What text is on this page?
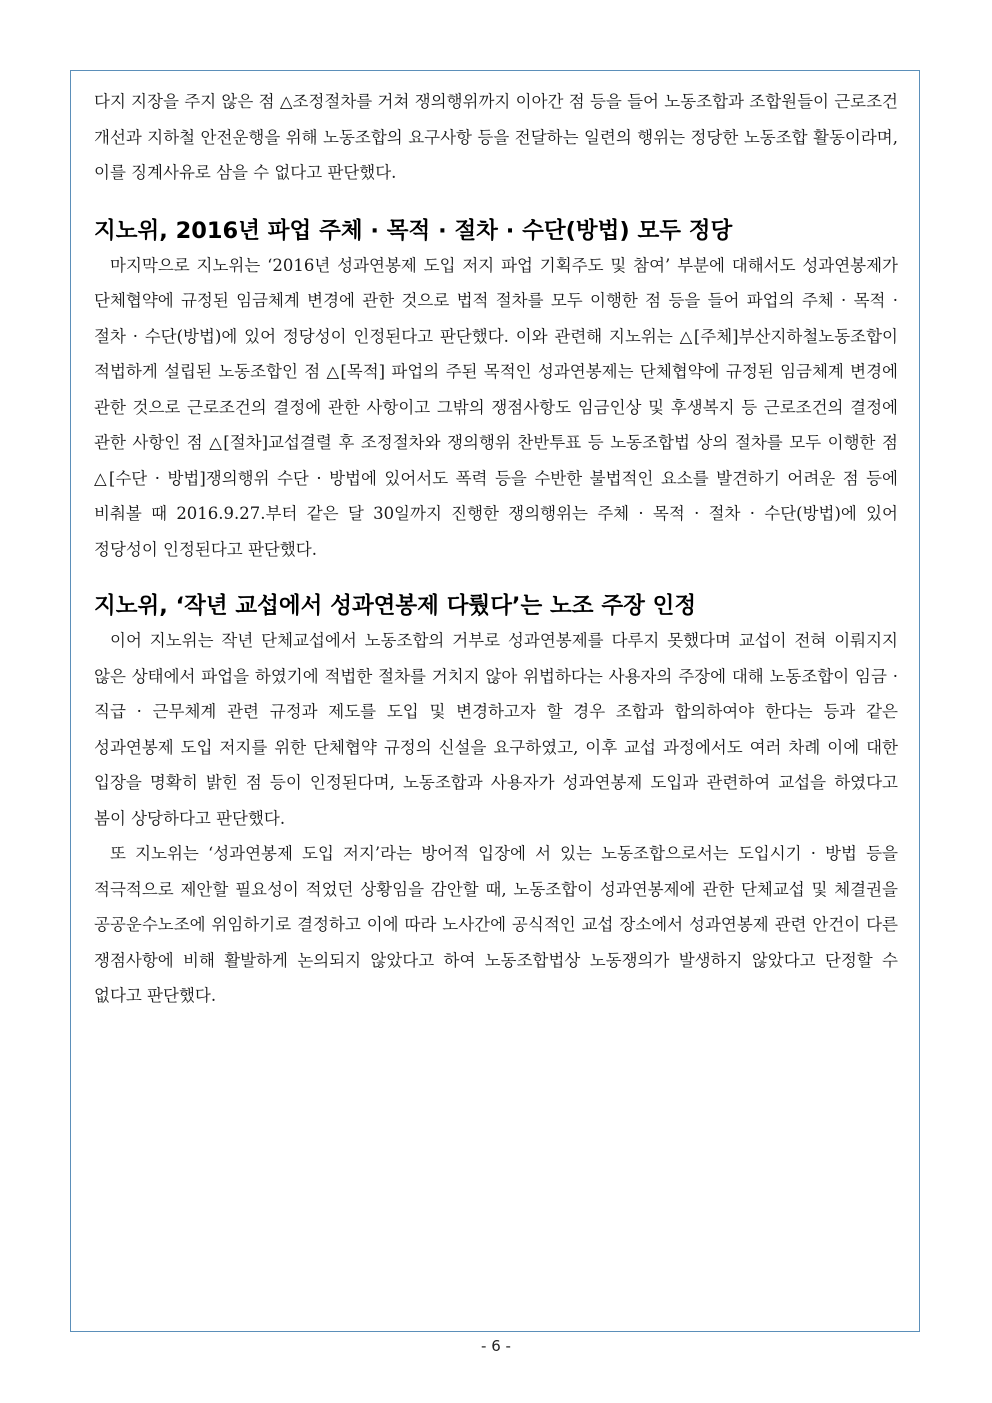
다지 지장을 주지 않은 점 △조정절차를 거쳐 쟁의행위까지 이아간 점 등을 들어 노동조합과 조합원들이 근로조건 개선과 지하철 안전운행을 위해 노동조합의 요구사항 등을 전달하는 일련의 행위는 정당한 노동조합 활동이라며, 이를 징계사유로 삼을 수 없다고 판단했다.

지노위, 2016년 파업 주체 · 목적 · 절차 · 수단(방법) 모두 정당

마지막으로 지노위는 ‘2016년 성과연봉제 도입 저지 파업 기획주도 및 참여’ 부분에 대해서도 성과연봉제가 단체협약에 규정된 임금체계 변경에 관한 것으로 법적 절차를 모두 이행한 점 등을 들어 파업의 주체 · 목적 · 절차 · 수단(방법)에 있어 정당성이 인정된다고 판단했다. 이와 관련해 지노위는 △[주체]부산지하철노동조합이 적법하게 설립된 노동조합인 점 △[목적] 파업의 주된 목적인 성과연봉제는 단체협약에 규정된 임금체계 변경에 관한 것으로 근로조건의 결정에 관한 사항이고 그밖의 쟁점사항도 임금인상 및 후생복지 등 근로조건의 결정에 관한 사항인 점 △[절차]교섭결렬 후 조정절차와 쟁의행위 찬반투표 등 노동조합법 상의 절차를 모두 이행한 점 △[수단 · 방법]쟁의행위 수단 · 방법에 있어서도 폭력 등을 수반한 불법적인 요소를 발견하기 어려운 점 등에 비춰볼 때 2016.9.27.부터 같은 달 30일까지 진행한 쟁의행위는 주체 · 목적 · 절차 · 수단(방법)에 있어 정당성이 인정된다고 판단했다.

지노위, ‘작년 교섭에서 성과연봉제 다뤘다’는 노조 주장 인정

이어 지노위는 작년 단체교섭에서 노동조합의 거부로 성과연봉제를 다루지 못했다며 교섭이 전혀 이뤄지지 않은 상태에서 파업을 하였기에 적법한 절차를 거치지 않아 위법하다는 사용자의 주장에 대해 노동조합이 임금 · 직급 · 근무체계 관련 규정과 제도를 도입 및 변경하고자 할 경우 조합과 합의하여야 한다는 등과 같은 성과연봉제 도입 저지를 위한 단체협약 규정의 신설을 요구하였고, 이후 교섭 과정에서도 여러 차례 이에 대한 입장을 명확히 밝힌 점 등이 인정된다며, 노동조합과 사용자가 성과연봉제 도입과 관련하여 교섭을 하였다고 봄이 상당하다고 판단했다.

또 지노위는 ‘성과연봉제 도입 저지’라는 방어적 입장에 서 있는 노동조합으로서는 도입시기 · 방법 등을 적극적으로 제안할 필요성이 적었던 상황임을 감안할 때, 노동조합이 성과연봉제에 관한 단체교섭 및 체결권을 공공운수노조에 위임하기로 결정하고 이에 따라 노사간에 공식적인 교섭 장소에서 성과연봉제 관련 안건이 다른 쟁점사항에 비해 활발하게 논의되지 않았다고 하여 노동조합법상 노동쟁의가 발생하지 않았다고 단정할 수 없다고 판단했다.

- 6 -
